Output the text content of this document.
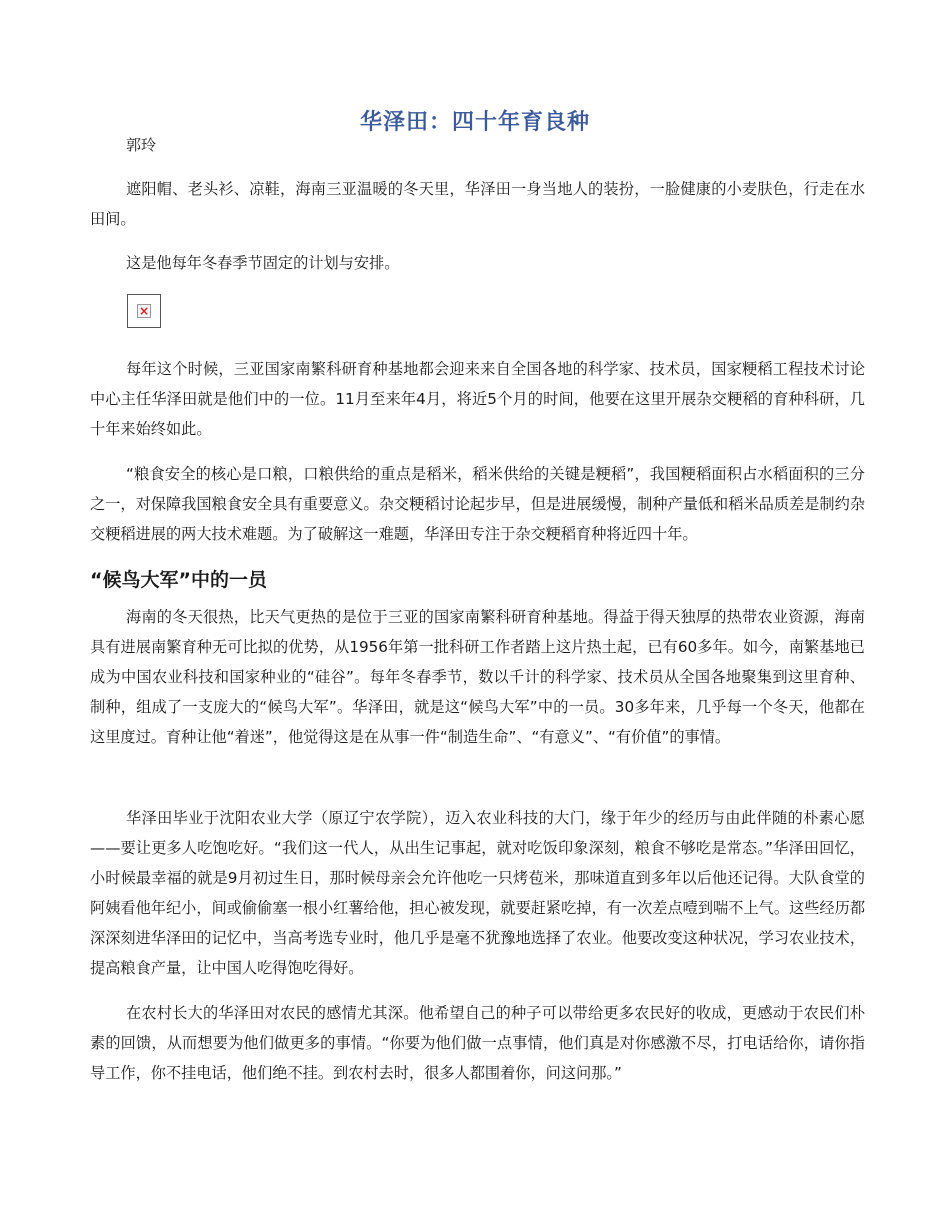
华泽田：四十年育良种

郭玲

遮阳帽、老头衫、凉鞋，海南三亚温暖的冬天里，华泽田一身当地人的装扮，一脸健康的小麦肤色，行走在水田间。

这是他每年冬春季节固定的计划与安排。

×

每年这个时候，三亚国家南繁科研育种基地都会迎来来自全国各地的科学家、技术员，国家粳稻工程技术讨论中心主任华泽田就是他们中的一位。11月至来年4月，将近5个月的时间，他要在这里开展杂交粳稻的育种科研，几十年来始终如此。

“粮食安全的核心是口粮，口粮供给的重点是稻米，稻米供给的关键是粳稻”，我国粳稻面积占水稻面积的三分之一，对保障我国粮食安全具有重要意义。杂交粳稻讨论起步早，但是进展缓慢，制种产量低和稻米品质差是制约杂交粳稻进展的两大技术难题。为了破解这一难题，华泽田专注于杂交粳稻育种将近四十年。

“候鸟大军”中的一员

海南的冬天很热，比天气更热的是位于三亚的国家南繁科研育种基地。得益于得天独厚的热带农业资源，海南具有进展南繁育种无可比拟的优势，从1956年第一批科研工作者踏上这片热土起，已有60多年。如今，南繁基地已成为中国农业科技和国家种业的“硅谷”。每年冬春季节，数以千计的科学家、技术员从全国各地聚集到这里育种、制种，组成了一支庞大的“候鸟大军”。华泽田，就是这“候鸟大军”中的一员。30多年来，几乎每一个冬天，他都在这里度过。育种让他“着迷”，他觉得这是在从事一件“制造生命”、“有意义”、“有价值”的事情。

华泽田毕业于沈阳农业大学（原辽宁农学院），迈入农业科技的大门，缘于年少的经历与由此伴随的朴素心愿——要让更多人吃饱吃好。“我们这一代人，从出生记事起，就对吃饭印象深刻，粮食不够吃是常态。”华泽田回忆，小时候最幸福的就是9月初过生日，那时候母亲会允许他吃一只烤苞米，那味道直到多年以后他还记得。大队食堂的阿姨看他年纪小，间或偷偷塞一根小红薯给他，担心被发现，就要赶紧吃掉，有一次差点噎到喘不上气。这些经历都深深刻进华泽田的记忆中，当高考选专业时，他几乎是毫不犹豫地选择了农业。他要改变这种状况，学习农业技术，提高粮食产量，让中国人吃得饱吃得好。

在农村长大的华泽田对农民的感情尤其深。他希望自己的种子可以带给更多农民好的收成，更感动于农民们朴素的回馈，从而想要为他们做更多的事情。“你要为他们做一点事情，他们真是对你感激不尽，打电话给你，请你指导工作，你不挂电话，他们绝不挂。到农村去时，很多人都围着你，问这问那。”
